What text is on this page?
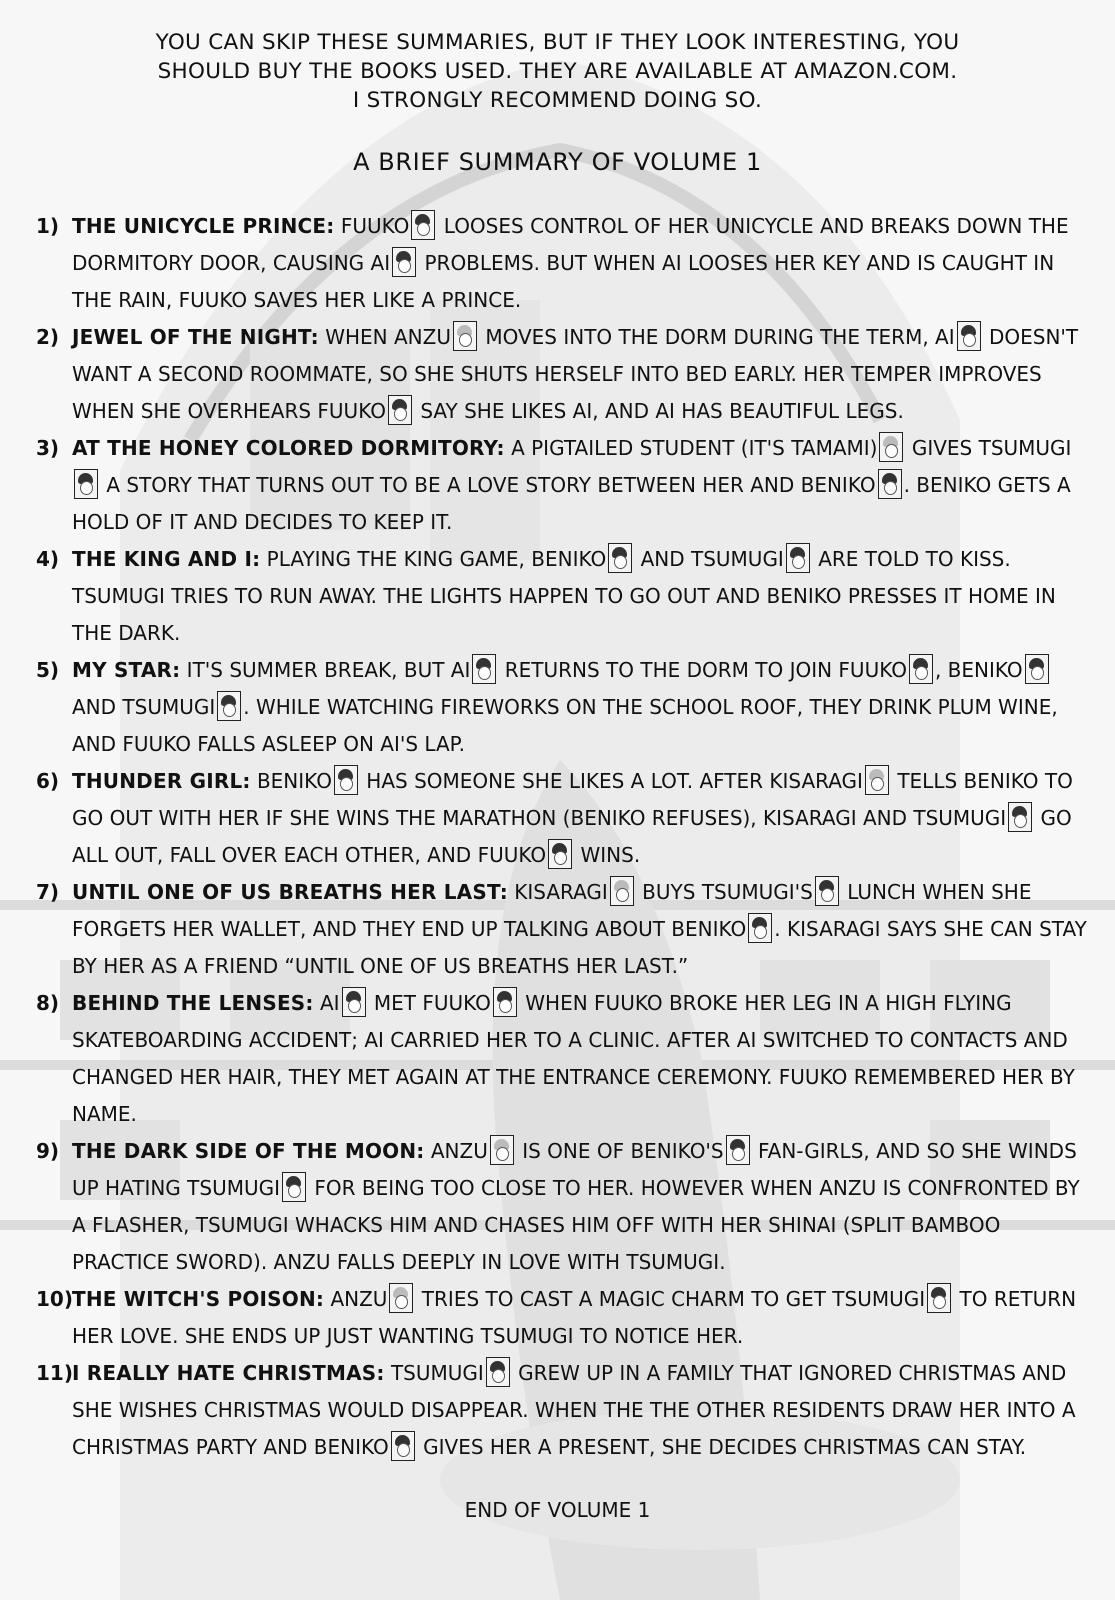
YOU CAN SKIP THESE SUMMARIES, BUT IF THEY LOOK INTERESTING, YOU
SHOULD BUY THE BOOKS USED. THEY ARE AVAILABLE AT AMAZON.COM.
I STRONGLY RECOMMEND DOING SO.
A BRIEF SUMMARY OF VOLUME 1
1) THE UNICYCLE PRINCE: FUUKO LOOSES CONTROL OF HER UNICYCLE AND BREAKS DOWN THE DORMITORY DOOR, CAUSING AI PROBLEMS. BUT WHEN AI LOOSES HER KEY AND IS CAUGHT IN THE RAIN, FUUKO SAVES HER LIKE A PRINCE.
2) JEWEL OF THE NIGHT: WHEN ANZU MOVES INTO THE DORM DURING THE TERM, AI DOESN'T WANT A SECOND ROOMMATE, SO SHE SHUTS HERSELF INTO BED EARLY. HER TEMPER IMPROVES WHEN SHE OVERHEARS FUUKO SAY SHE LIKES AI, AND AI HAS BEAUTIFUL LEGS.
3) AT THE HONEY COLORED DORMITORY: A PIGTAILED STUDENT (IT'S TAMAMI) GIVES TSUMUGI A STORY THAT TURNS OUT TO BE A LOVE STORY BETWEEN HER AND BENIKO . BENIKO GETS A HOLD OF IT AND DECIDES TO KEEP IT.
4) THE KING AND I: PLAYING THE KING GAME, BENIKO AND TSUMUGI ARE TOLD TO KISS. TSUMUGI TRIES TO RUN AWAY. THE LIGHTS HAPPEN TO GO OUT AND BENIKO PRESSES IT HOME IN THE DARK.
5) MY STAR: IT'S SUMMER BREAK, BUT AI RETURNS TO THE DORM TO JOIN FUUKO , BENIKO AND TSUMUGI . WHILE WATCHING FIREWORKS ON THE SCHOOL ROOF, THEY DRINK PLUM WINE, AND FUUKO FALLS ASLEEP ON AI'S LAP.
6) THUNDER GIRL: BENIKO HAS SOMEONE SHE LIKES A LOT. AFTER KISARAGI TELLS BENIKO TO GO OUT WITH HER IF SHE WINS THE MARATHON (BENIKO REFUSES), KISARAGI AND TSUMUGI GO ALL OUT, FALL OVER EACH OTHER, AND FUUKO WINS.
7) UNTIL ONE OF US BREATHS HER LAST: KISARAGI BUYS TSUMUGI'S LUNCH WHEN SHE FORGETS HER WALLET, AND THEY END UP TALKING ABOUT BENIKO . KISARAGI SAYS SHE CAN STAY BY HER AS A FRIEND “UNTIL ONE OF US BREATHS HER LAST.”
8) BEHIND THE LENSES: AI MET FUUKO WHEN FUUKO BROKE HER LEG IN A HIGH FLYING SKATEBOARDING ACCIDENT; AI CARRIED HER TO A CLINIC. AFTER AI SWITCHED TO CONTACTS AND CHANGED HER HAIR, THEY MET AGAIN AT THE ENTRANCE CEREMONY. FUUKO REMEMBERED HER BY NAME.
9) THE DARK SIDE OF THE MOON: ANZU IS ONE OF BENIKO'S FAN-GIRLS, AND SO SHE WINDS UP HATING TSUMUGI FOR BEING TOO CLOSE TO HER. HOWEVER WHEN ANZU IS CONFRONTED BY A FLASHER, TSUMUGI WHACKS HIM AND CHASES HIM OFF WITH HER SHINAI (SPLIT BAMBOO PRACTICE SWORD). ANZU FALLS DEEPLY IN LOVE WITH TSUMUGI.
10) THE WITCH'S POISON: ANZU TRIES TO CAST A MAGIC CHARM TO GET TSUMUGI TO RETURN HER LOVE. SHE ENDS UP JUST WANTING TSUMUGI TO NOTICE HER.
11) I REALLY HATE CHRISTMAS: TSUMUGI GREW UP IN A FAMILY THAT IGNORED CHRISTMAS AND SHE WISHES CHRISTMAS WOULD DISAPPEAR. WHEN THE THE OTHER RESIDENTS DRAW HER INTO A CHRISTMAS PARTY AND BENIKO GIVES HER A PRESENT, SHE DECIDES CHRISTMAS CAN STAY.
END OF VOLUME 1
